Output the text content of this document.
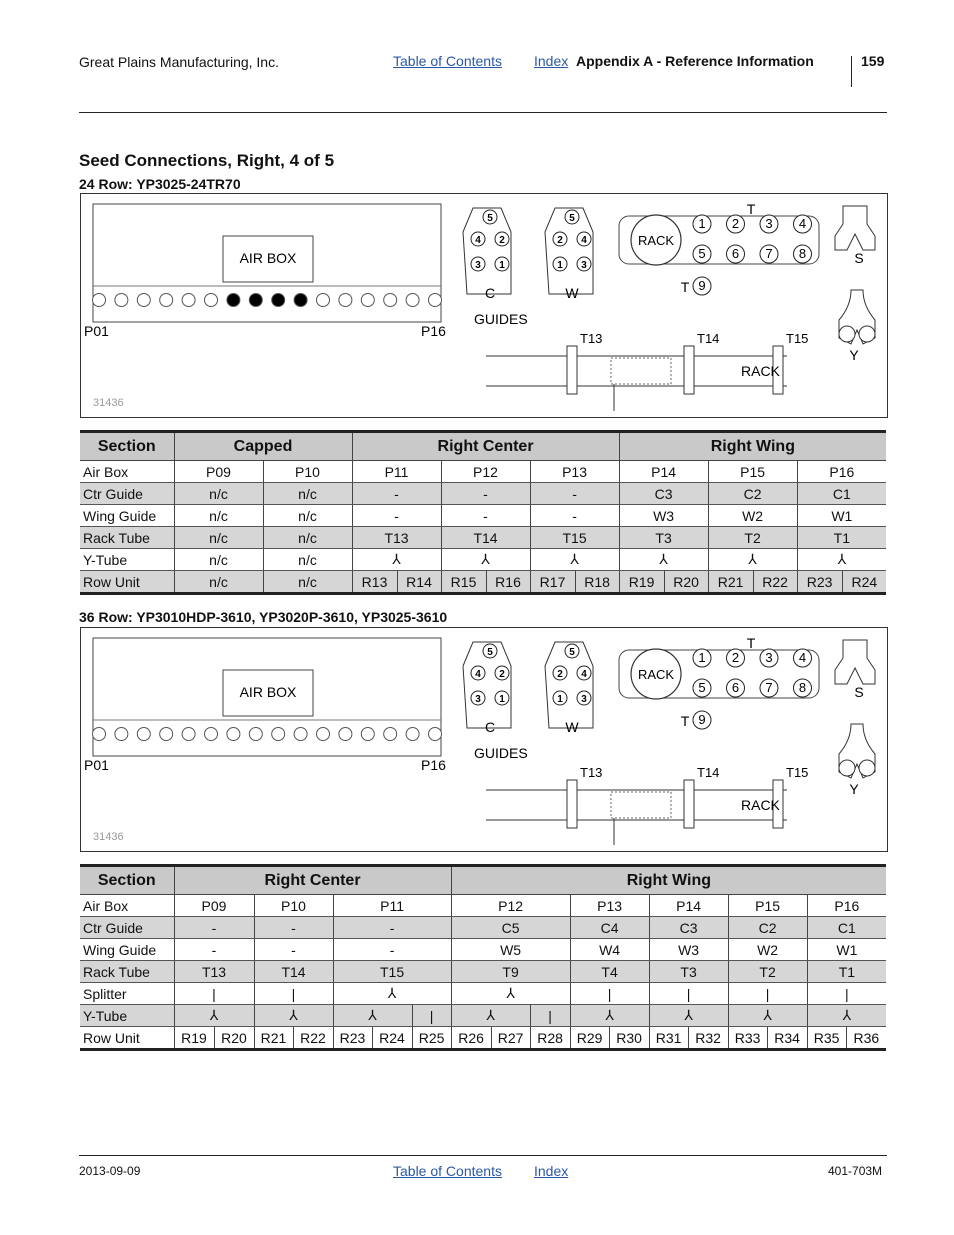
Great Plains Manufacturing, Inc.	Table of Contents Index Appendix A - Reference Information	159
Seed Connections, Right, 4 of 5
24 Row: YP3025-24TR70
AIR BOX
P01	P16
31436
5
4 2
3 1
C
5
2 4
1 3
W
GUIDES
RACK
1 2 3 4
5 6 7 8
T
T 9
S
Y
T13	T14	T15
RACK
Section	Capped		Right Center						Right Wing					
Air Box	P09	P10	P11		P12		P13		P14		P15		P16	
Ctr Guide	n/c	n/c	-		-		-		C3		C2		C1	
Wing Guide	n/c	n/c	-		-		-		W3		W2		W1	
Rack Tube	n/c	n/c	T13		T14		T15		T3		T2		T1	
Y-Tube	n/c	n/c	⅄		⅄		⅄		⅄		⅄		⅄	
Row Unit	n/c	n/c	R13	R14	R15	R16	R17	R18	R19	R20	R21	R22	R23	R24
36 Row: YP3010HDP-3610, YP3020P-3610, YP3025-3610
AIR BOX
P01	P16
31436
5
4 2
3 1
C
5
2 4
1 3
W
GUIDES
RACK
1 2 3 4
5 6 7 8
T
T 9
S
Y
T13	T14	T15
RACK
Section	Right Center							Right Wing										
Air Box	P09		P10		P11			P12			P13		P14		P15		P16	
Ctr Guide	-		-		-			C5			C4		C3		C2		C1	
Wing Guide	-		-		-			W5			W4		W3		W2		W1	
Rack Tube	T13		T14		T15			T9			T4		T3		T2		T1	
Splitter	|		|		⅄			⅄			|		|		|		|	
Y-Tube	⅄		⅄		⅄		|	⅄		|	⅄		⅄		⅄		⅄	
Row Unit	R19	R20	R21	R22	R23	R24	R25	R26	R27	R28	R29	R30	R31	R32	R33	R34	R35	R36
2013-09-09	Table of Contents Index	401-703M
